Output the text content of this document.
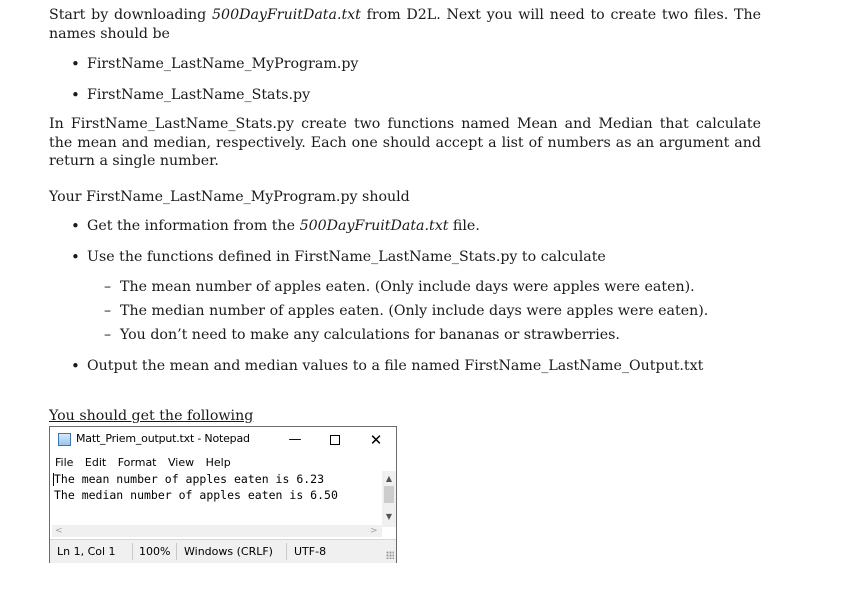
Start by downloading 500DayFruitData.txt from D2L. Next you will need to create two files. The names should be

• FirstName_LastName_MyProgram.py
• FirstName_LastName_Stats.py

In FirstName_LastName_Stats.py create two functions named Mean and Median that calculate the mean and median, respectively. Each one should accept a list of numbers as an argument and return a single number.

Your FirstName_LastName_MyProgram.py should

• Get the information from the 500DayFruitData.txt file.
• Use the functions defined in FirstName_LastName_Stats.py to calculate
– The mean number of apples eaten. (Only include days were apples were eaten).
– The median number of apples eaten. (Only include days were apples were eaten).
– You don’t need to make any calculations for bananas or strawberries.
• Output the mean and median values to a file named FirstName_LastName_Output.txt
You should get the following
Matt_Priem_output.txt - Notepad	—	✕
File Edit Format View Help
The mean number of apples eaten is 6.23
The median number of apples eaten is 6.50
▲
▼
<	>
Ln 1, Col 1 100% Windows (CRLF) UTF-8
